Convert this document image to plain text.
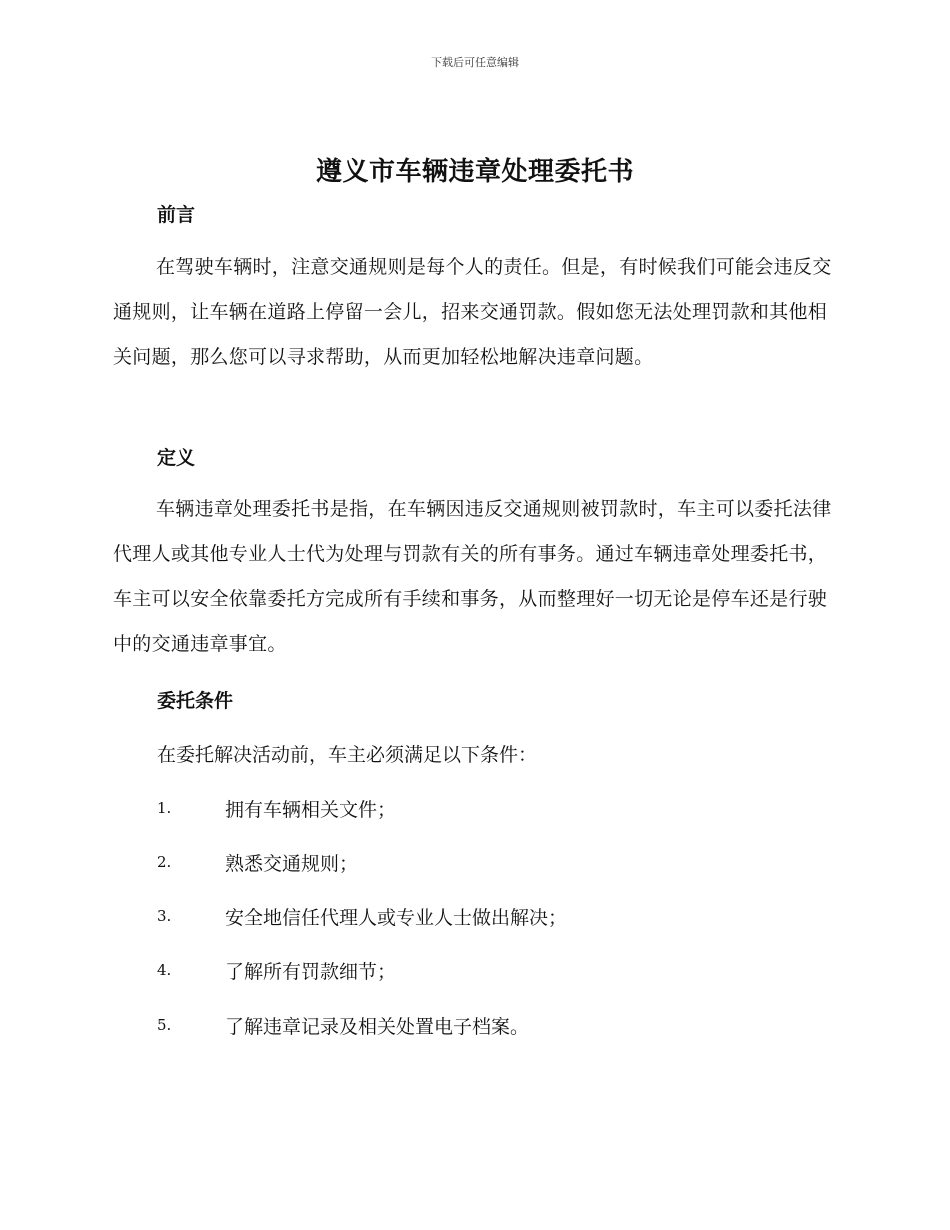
下载后可任意编辑
遵义市车辆违章处理委托书
前言
在驾驶车辆时，注意交通规则是每个人的责任。但是，有时候我们可能会违反交通规则，让车辆在道路上停留一会儿，招来交通罚款。假如您无法处理罚款和其他相关问题，那么您可以寻求帮助，从而更加轻松地解决违章问题。
定义
车辆违章处理委托书是指，在车辆因违反交通规则被罚款时，车主可以委托法律代理人或其他专业人士代为处理与罚款有关的所有事务。通过车辆违章处理委托书，车主可以安全依靠委托方完成所有手续和事务，从而整理好一切无论是停车还是行驶中的交通违章事宜。
委托条件
在委托解决活动前，车主必须满足以下条件：
1.	拥有车辆相关文件；
2.	熟悉交通规则；
3.	安全地信任代理人或专业人士做出解决；
4.	了解所有罚款细节；
5.	了解违章记录及相关处置电子档案。
